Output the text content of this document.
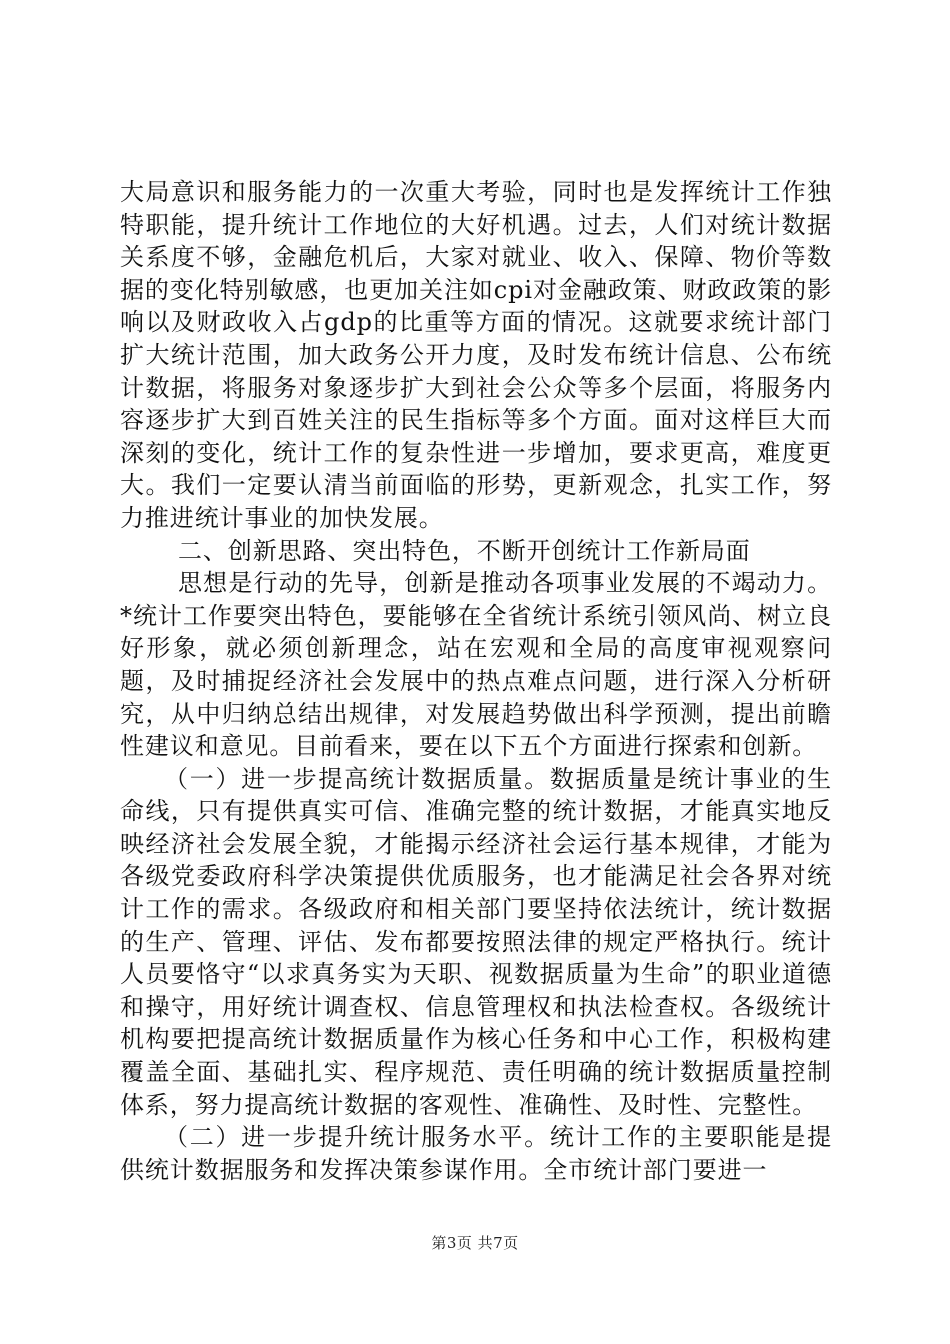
大局意识和服务能力的一次重大考验，同时也是发挥统计工作独特职能，提升统计工作地位的大好机遇。过去，人们对统计数据关系度不够，金融危机后，大家对就业、收入、保障、物价等数据的变化特别敏感，也更加关注如cpi对金融政策、财政政策的影响以及财政收入占gdp的比重等方面的情况。这就要求统计部门扩大统计范围，加大政务公开力度，及时发布统计信息、公布统计数据，将服务对象逐步扩大到社会公众等多个层面，将服务内容逐步扩大到百姓关注的民生指标等多个方面。面对这样巨大而深刻的变化，统计工作的复杂性进一步增加，要求更高，难度更大。我们一定要认清当前面临的形势，更新观念，扎实工作，努力推进统计事业的加快发展。

二、创新思路、突出特色，不断开创统计工作新局面

思想是行动的先导，创新是推动各项事业发展的不竭动力。*统计工作要突出特色，要能够在全省统计系统引领风尚、树立良好形象，就必须创新理念，站在宏观和全局的高度审视观察问题，及时捕捉经济社会发展中的热点难点问题，进行深入分析研究，从中归纳总结出规律，对发展趋势做出科学预测，提出前瞻性建议和意见。目前看来，要在以下五个方面进行探索和创新。

（一）进一步提高统计数据质量。数据质量是统计事业的生命线，只有提供真实可信、准确完整的统计数据，才能真实地反映经济社会发展全貌，才能揭示经济社会运行基本规律，才能为各级党委政府科学决策提供优质服务，也才能满足社会各界对统计工作的需求。各级政府和相关部门要坚持依法统计，统计数据的生产、管理、评估、发布都要按照法律的规定严格执行。统计人员要恪守“以求真务实为天职、视数据质量为生命”的职业道德和操守，用好统计调查权、信息管理权和执法检查权。各级统计机构要把提高统计数据质量作为核心任务和中心工作，积极构建覆盖全面、基础扎实、程序规范、责任明确的统计数据质量控制体系，努力提高统计数据的客观性、准确性、及时性、完整性。

（二）进一步提升统计服务水平。统计工作的主要职能是提供统计数据服务和发挥决策参谋作用。全市统计部门要进一

第3页 共7页
